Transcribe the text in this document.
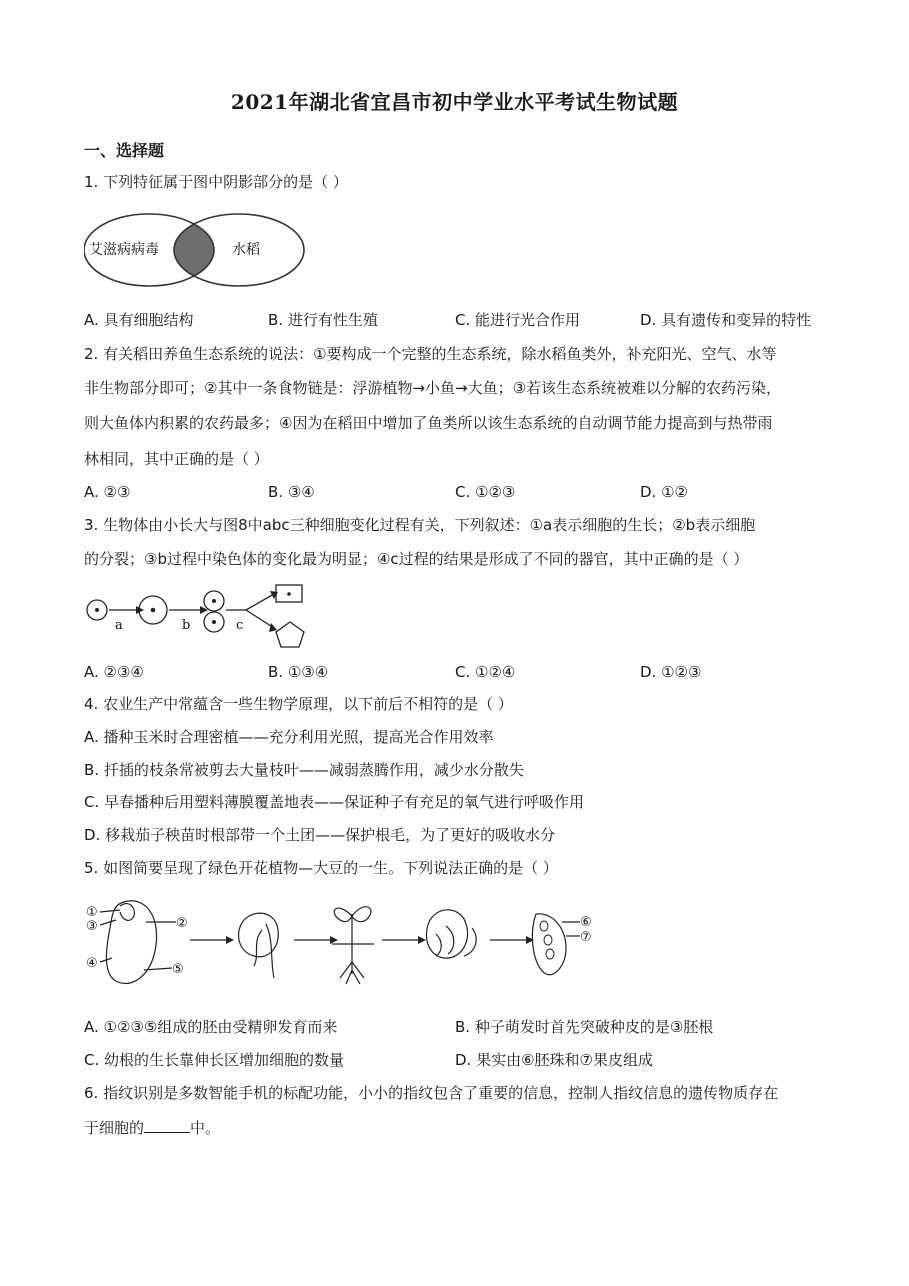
2021年湖北省宜昌市初中学业水平考试生物试题
一、选择题
1. 下列特征属于图中阴影部分的是（ ）
艾滋病病毒	水稻
A. 具有细胞结构	B. 进行有性生殖	C. 能进行光合作用	D. 具有遗传和变异的特性
2. 有关稻田养鱼生态系统的说法：①要构成一个完整的生态系统，除水稻鱼类外，补充阳光、空气、水等
非生物部分即可；②其中一条食物链是：浮游植物→小鱼→大鱼；③若该生态系统被难以分解的农药污染，
则大鱼体内积累的农药最多；④因为在稻田中增加了鱼类所以该生态系统的自动调节能力提高到与热带雨
林相同，其中正确的是（ ）
A. ②③	B. ③④	C. ①②③	D. ①②
3. 生物体由小长大与图8中abc三种细胞变化过程有关，下列叙述：①a表示细胞的生长；②b表示细胞
的分裂；③b过程中染色体的变化最为明显；④c过程的结果是形成了不同的器官，其中正确的是（ ）
a	b	c
A. ②③④	B. ①③④	C. ①②④	D. ①②③
4. 农业生产中常蕴含一些生物学原理，以下前后不相符的是（ ）
A. 播种玉米时合理密植——充分利用光照，提高光合作用效率
B. 扦插的枝条常被剪去大量枝叶——减弱蒸腾作用，减少水分散失
C. 早春播种后用塑料薄膜覆盖地表——保证种子有充足的氧气进行呼吸作用
D. 移栽茄子秧苗时根部带一个土团——保护根毛，为了更好的吸收水分
5. 如图简要呈现了绿色开花植物—大豆的一生。下列说法正确的是（ ）
①
③	②
④	⑤
⑥
⑦
A. ①②③⑤组成的胚由受精卵发育而来	B. 种子萌发时首先突破种皮的是③胚根
C. 幼根的生长靠伸长区增加细胞的数量	D. 果实由⑥胚珠和⑦果皮组成
6. 指纹识别是多数智能手机的标配功能，小小的指纹包含了重要的信息，控制人指纹信息的遗传物质存在
于细胞的	中。
